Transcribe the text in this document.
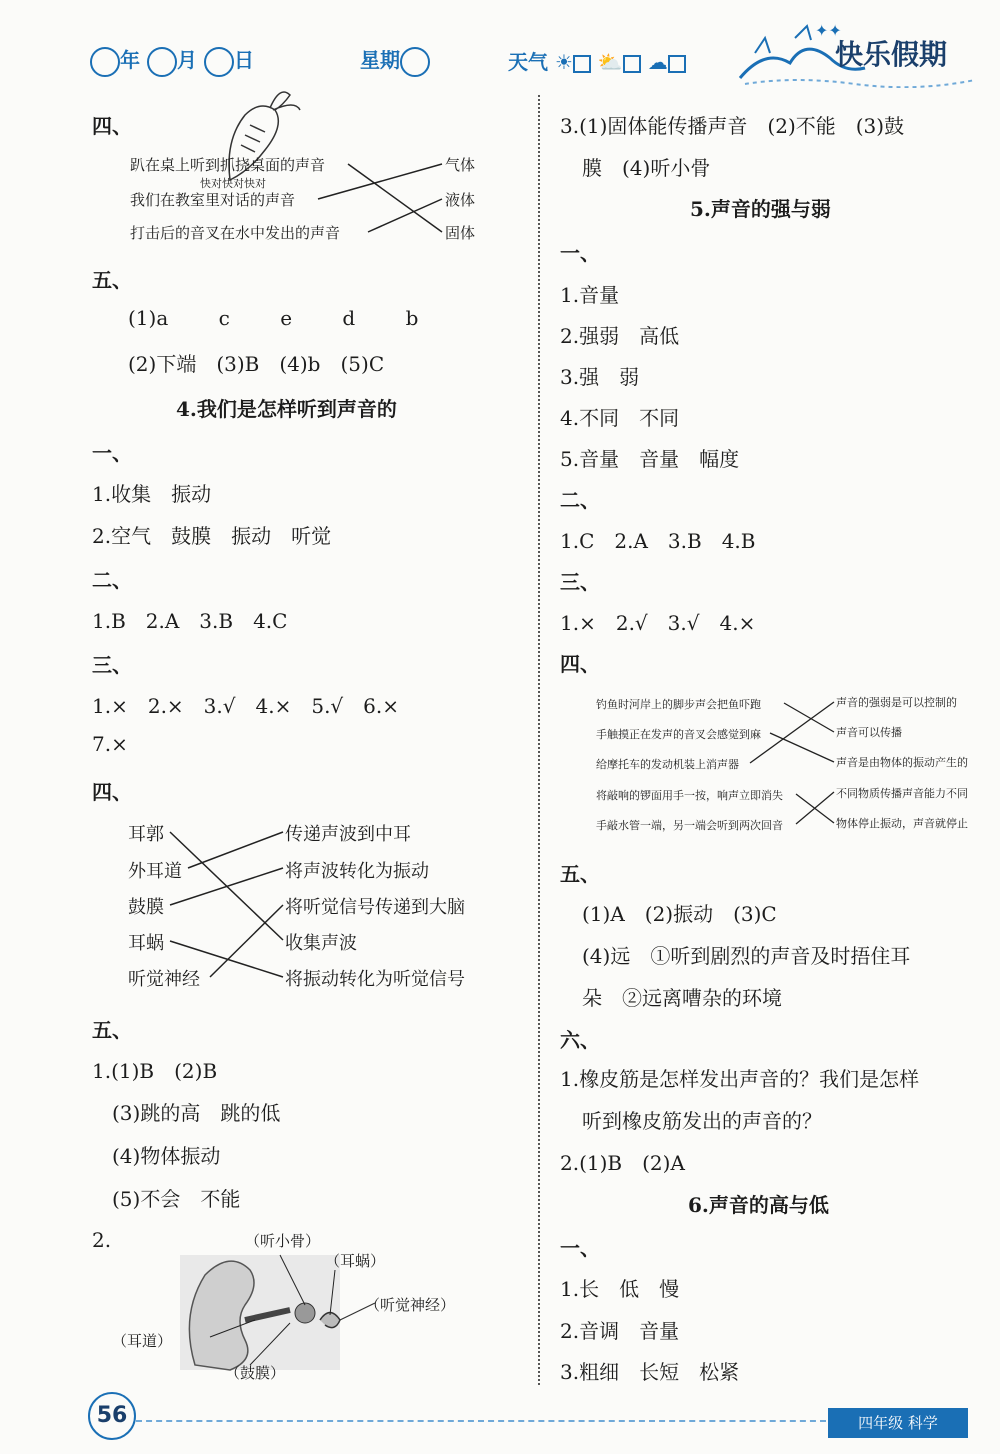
年 月 日	星期	天气 ☀ ⛅ ☁
✦✦
快乐假期
四、
趴在桌上听到抓挠桌面的声音
快对快对快对
我们在教室里对话的声音
打击后的音叉在水中发出的声音
气体
液体
固体
五、
(1)a	c	e	d	b
(2)下端　(3)B　(4)b　(5)C
4.我们是怎样听到声音的
一、
1.收集　振动
2.空气　鼓膜　振动　听觉
二、
1.B　2.A　3.B　4.C
三、
1.×　2.×　3.√　4.×　5.√　6.×
7.×
四、
耳郭
外耳道
鼓膜
耳蜗
听觉神经
传递声波到中耳
将声波转化为振动
将听觉信号传递到大脑
收集声波
将振动转化为听觉信号
五、
1.(1)B　(2)B
(3)跳的高　跳的低
(4)物体振动
(5)不会　不能
2.	（听小骨）
（耳蜗）
（听觉神经）
（耳道）
（鼓膜）
3.(1)固体能传播声音　(2)不能　(3)鼓
膜　(4)听小骨
5.声音的强与弱
一、
1.音量
2.强弱　高低
3.强　弱
4.不同　不同
5.音量　音量　幅度
二、
1.C　2.A　3.B　4.B
三、
1.×　2.√　3.√　4.×
四、
钓鱼时河岸上的脚步声会把鱼吓跑
手触摸正在发声的音叉会感觉到麻
给摩托车的发动机装上消声器
将敲响的锣面用手一按，响声立即消失
手敲水管一端，另一端会听到两次回音
声音的强弱是可以控制的
声音可以传播
声音是由物体的振动产生的
不同物质传播声音能力不同
物体停止振动，声音就停止
五、
(1)A　(2)振动　(3)C
(4)远　①听到剧烈的声音及时捂住耳
朵　②远离嘈杂的环境
六、
1.橡皮筋是怎样发出声音的？我们是怎样
听到橡皮筋发出的声音的？
2.(1)B　(2)A
6.声音的高与低
一、
1.长　低　慢
2.音调　音量
3.粗细　长短　松紧
56	四年级 科学
